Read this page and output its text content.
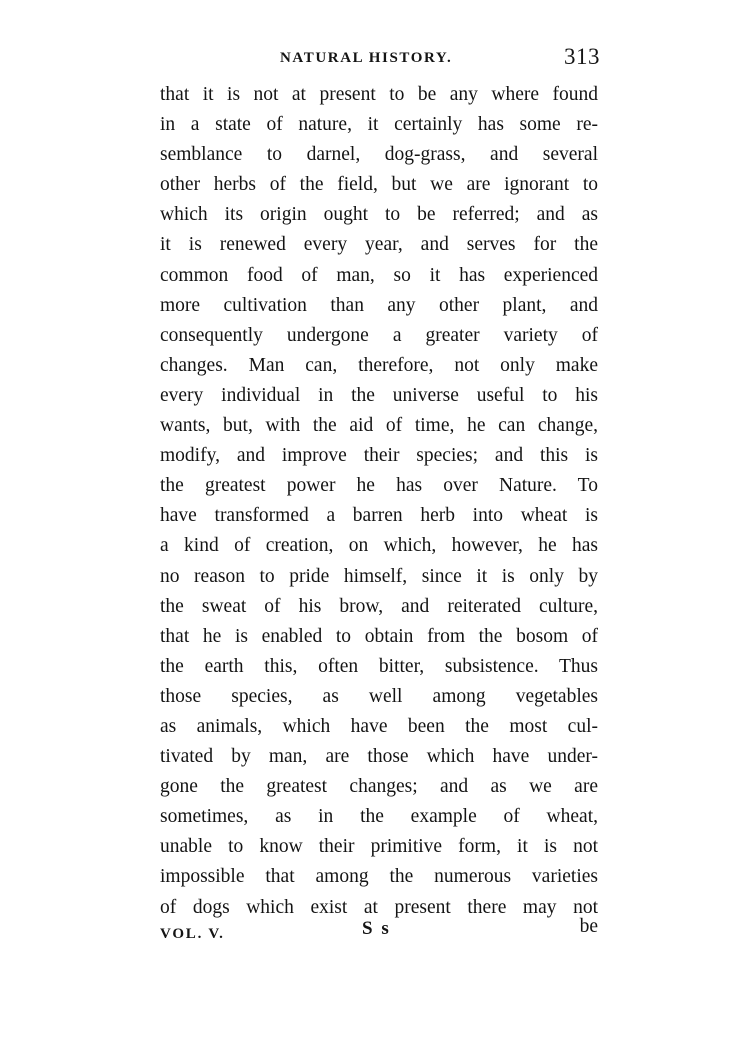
NATURAL HISTORY.	313
that it is not at present to be any where found
in a state of nature, it certainly has some re-
semblance to darnel, dog-grass, and several
other herbs of the field, but we are ignorant to
which its origin ought to be referred; and as
it is renewed every year, and serves for the
common food of man, so it has experienced
more cultivation than any other plant, and
consequently undergone a greater variety of
changes. Man can, therefore, not only make
every individual in the universe useful to his
wants, but, with the aid of time, he can change,
modify, and improve their species; and this is
the greatest power he has over Nature. To
have transformed a barren herb into wheat is
a kind of creation, on which, however, he has
no reason to pride himself, since it is only by
the sweat of his brow, and reiterated culture,
that he is enabled to obtain from the bosom of
the earth this, often bitter, subsistence. Thus
those species, as well among vegetables
as animals, which have been the most cul-
tivated by man, are those which have under-
gone the greatest changes; and as we are
sometimes, as in the example of wheat,
unable to know their primitive form, it is not
impossible that among the numerous varieties
of dogs which exist at present there may not
VOL. V.	S s	be
